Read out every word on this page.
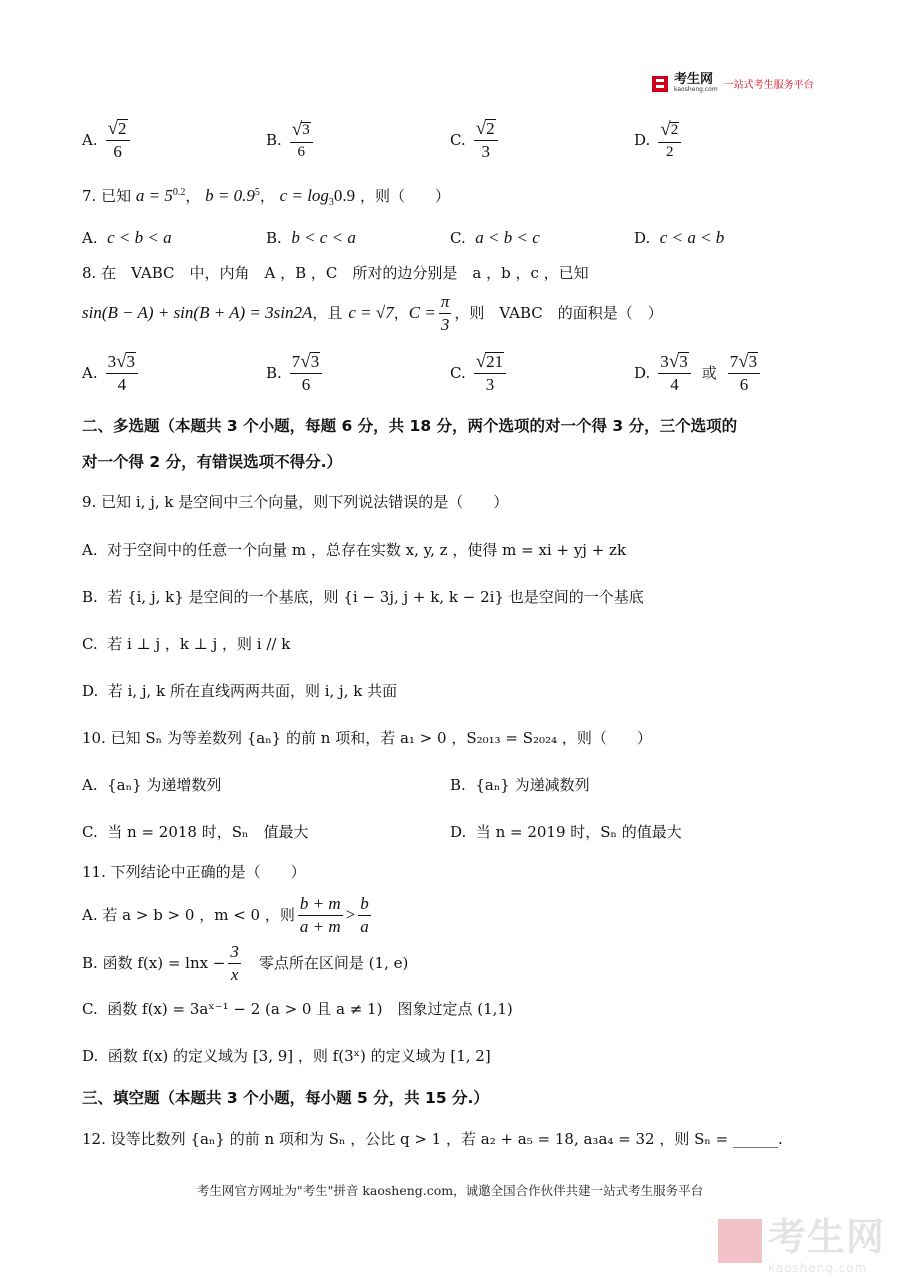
考生网
kaosheng.com 一站式考生服务平台
A. $\frac{√ 2}{6}$	B. $\frac{√ 3}{6}$	C. $\frac{√ 2}{3}$	D. $\frac{√ 2}{2}$
7. 已知 $a = 5^{0.2}$， $b = 0.9^5$， $c = \log_30.9$ ，则（　　）
A.  c < b < a	B.  b < c < a	C.  a < b < c	D.  c < a < b
8. 在　VABC　中，内角　A ，B ，C　所对的边分别是　a ，b ，c ，已知
sin(B − A) + sin(B + A) = 3sin2A ，且 c = √7 ， $C = \frac{\pi}{3}$ ，则　VABC　的面积是（　）
A. $\frac{3 √ 3}{4}$	B. $\frac{7 √ 3}{6}$	C. $\frac{√ 21}{3}$	D. $\frac{3 √ 3}{4}$ 或 $\frac{7 √ 3}{6}$
二、多选题（本题共 3 个小题，每题 6 分，共 18 分，两个选项的对一个得 3 分，三个选项的
对一个得 2 分，有错误选项不得分.）
9. 已知 i, j, k 是空间中三个向量，则下列说法错误的是（　　）
A.  对于空间中的任意一个向量 m ，总存在实数 x, y, z ，使得 m = xi + yj + zk
B.  若 {i, j, k} 是空间的一个基底，则 {i − 3j, j + k, k − 2i} 也是空间的一个基底
C.  若 i ⊥ j ，k ⊥ j ，则 i // k
D.  若 i, j, k 所在直线两两共面，则 i, j, k 共面
10. 已知 Sₙ 为等差数列 {aₙ} 的前 n 项和，若 a₁ > 0 ，S₂₀₁₃ = S₂₀₂₄ ，则（　　）
A.  {aₙ} 为递增数列	B.  {aₙ} 为递减数列
C.  当 n = 2018 时，Sₙ　值最大	D.  当 n = 2019 时，Sₙ 的值最大
11. 下列结论中正确的是（　　）
A. 若 a > b > 0 ，m < 0 ，则 $\frac{b + m}{a + m} > \frac{b}{a}$
B. 函数 $f(x) = \ln x - \frac{3}{x}$ 　零点所在区间是 (1, e)
C.  函数 f(x) = 3aˣ⁻¹ − 2 (a > 0 且 a ≠ 1)　图象过定点 (1,1)
D.  函数 f(x) 的定义域为 [3, 9] ，则 f(3ˣ) 的定义域为 [1, 2]
三、填空题（本题共 3 个小题，每小题 5 分，共 15 分.）
12. 设等比数列 {aₙ} 的前 n 项和为 Sₙ ，公比 q > 1 ，若 a₂ + a₅ = 18, a₃a₄ = 32 ，则 Sₙ = ______.
考生网官方网址为"考生"拼音 kaosheng.com，诚邀全国合作伙伴共建一站式考生服务平台
考生网
kaosheng.com
